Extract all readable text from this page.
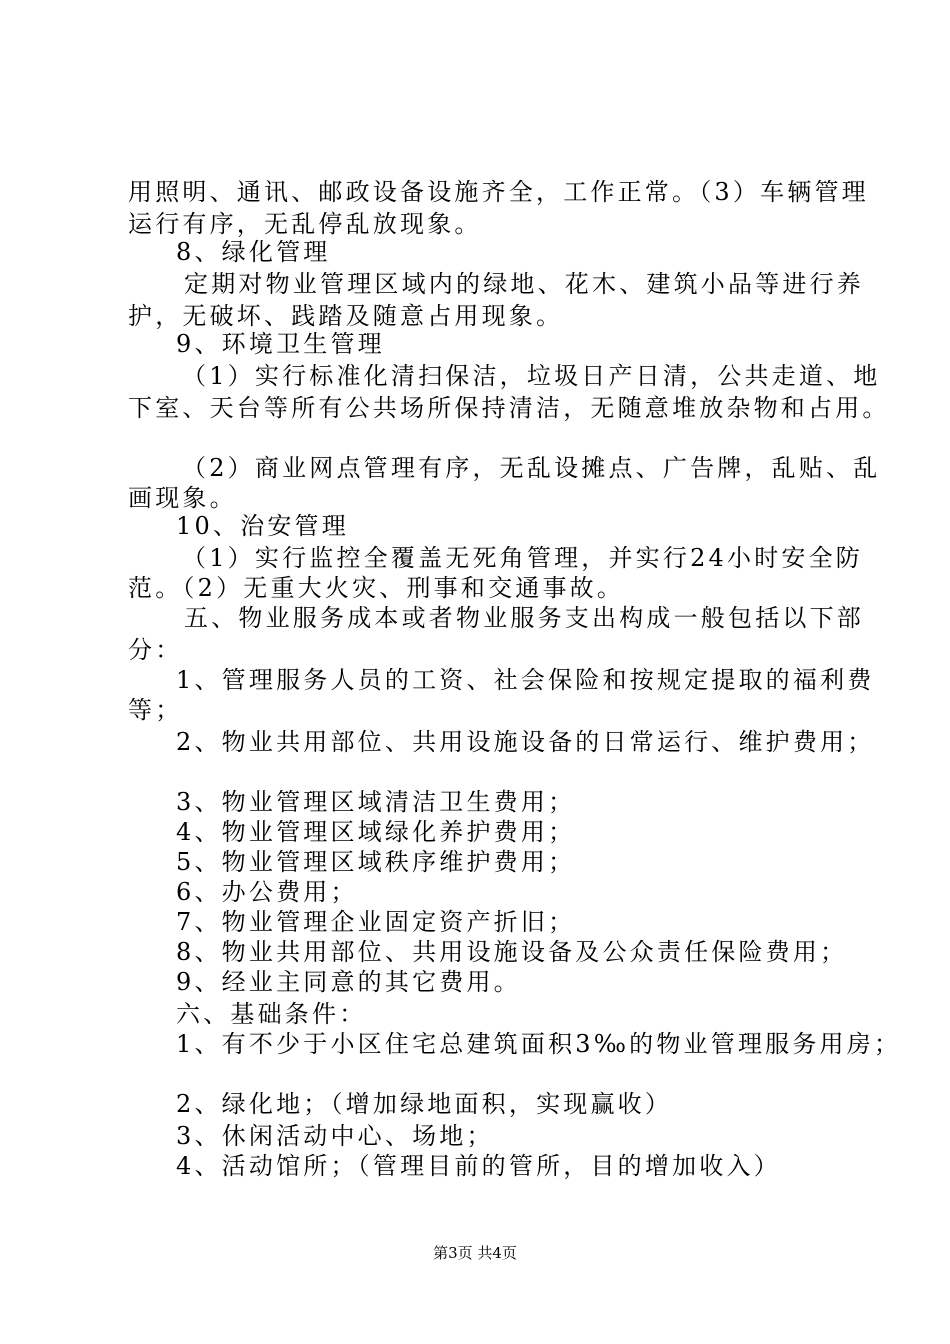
用照明、通讯、邮政设备设施齐全，工作正常。（3）车辆管理
运行有序，无乱停乱放现象。
8、绿化管理
定期对物业管理区域内的绿地、花木、建筑小品等进行养
护，无破坏、践踏及随意占用现象。
9、环境卫生管理
（1）实行标准化清扫保洁，垃圾日产日清，公共走道、地
下室、天台等所有公共场所保持清洁，无随意堆放杂物和占用。
（2）商业网点管理有序，无乱设摊点、广告牌，乱贴、乱
画现象。
10、治安管理
（1）实行监控全覆盖无死角管理，并实行24小时安全防
范。（2）无重大火灾、刑事和交通事故。
五、物业服务成本或者物业服务支出构成一般包括以下部
分：
1、管理服务人员的工资、社会保险和按规定提取的福利费
等；
2、物业共用部位、共用设施设备的日常运行、维护费用；
3、物业管理区域清洁卫生费用；
4、物业管理区域绿化养护费用；
5、物业管理区域秩序维护费用；
6、办公费用；
7、物业管理企业固定资产折旧；
8、物业共用部位、共用设施设备及公众责任保险费用；
9、经业主同意的其它费用。
六、基础条件：
1、有不少于小区住宅总建筑面积3‰的物业管理服务用房；
2、绿化地；（增加绿地面积，实现赢收）
3、休闲活动中心、场地；
4、活动馆所；（管理目前的管所，目的增加收入）
第3页 共4页
